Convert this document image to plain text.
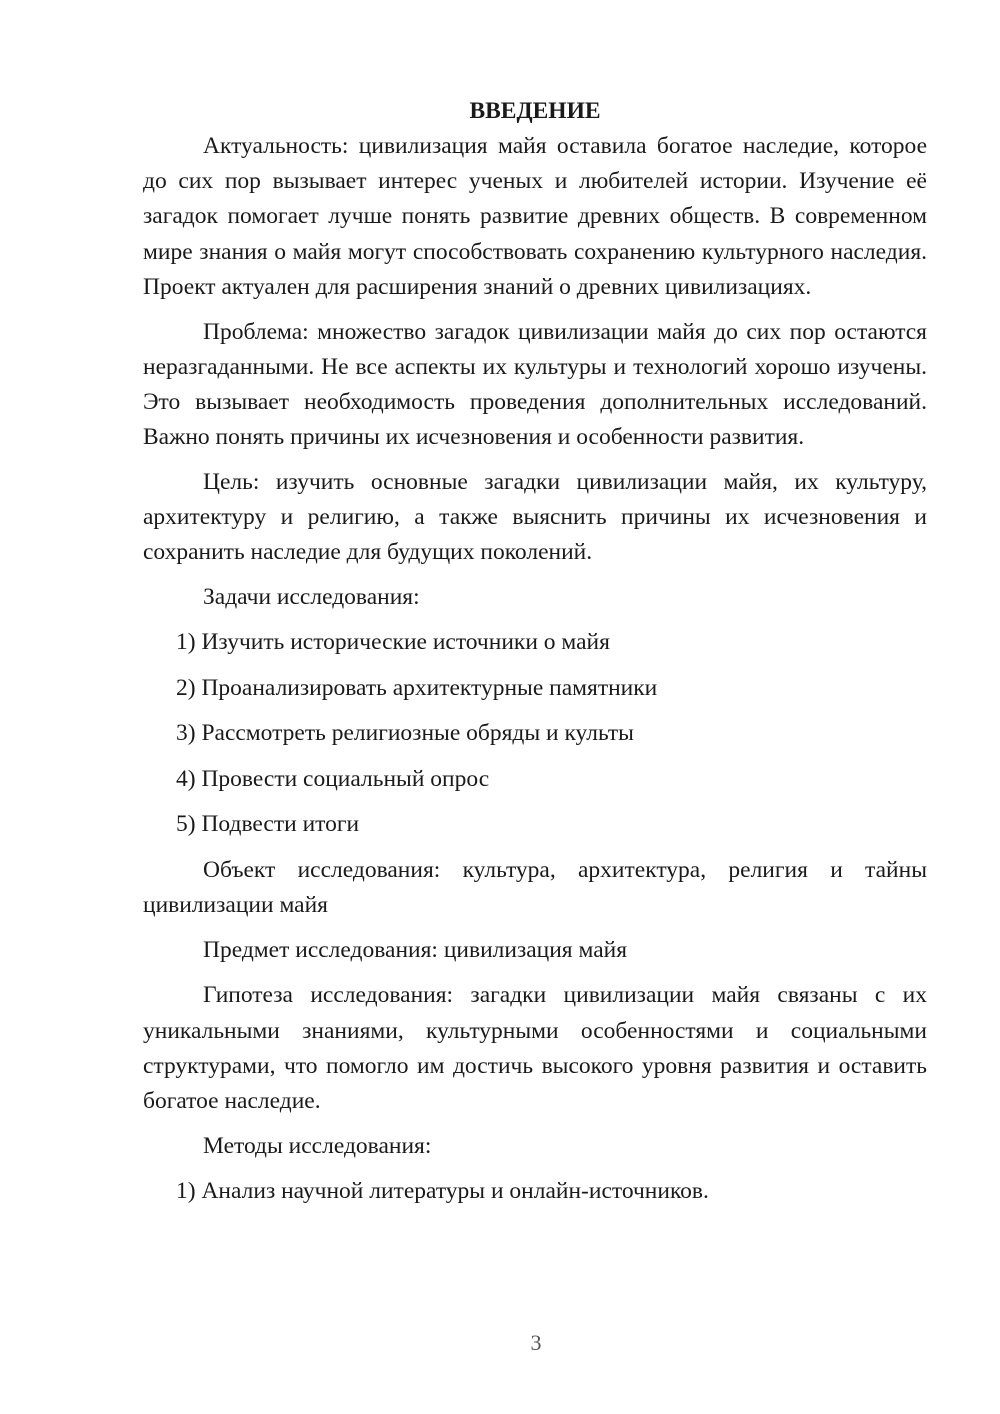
ВВЕДЕНИЕ

Актуальность: цивилизация майя оставила богатое наследие, которое до сих пор вызывает интерес ученых и любителей истории. Изучение её загадок помогает лучше понять развитие древних обществ. В современном мире знания о майя могут способствовать сохранению культурного наследия. Проект актуален для расширения знаний о древних цивилизациях.

Проблема: множество загадок цивилизации майя до сих пор остаются неразгаданными. Не все аспекты их культуры и технологий хорошо изучены. Это вызывает необходимость проведения дополнительных исследований. Важно понять причины их исчезновения и особенности развития.

Цель: изучить основные загадки цивилизации майя, их культуру, архитектуру и религию, а также выяснить причины их исчезновения и сохранить наследие для будущих поколений.

Задачи исследования:

1) Изучить исторические источники о майя

2) Проанализировать архитектурные памятники

3) Рассмотреть религиозные обряды и культы

4) Провести социальный опрос

5) Подвести итоги

Объект исследования: культура, архитектура, религия и тайны цивилизации майя

Предмет исследования: цивилизация майя

Гипотеза исследования: загадки цивилизации майя связаны с их уникальными знаниями, культурными особенностями и социальными структурами, что помогло им достичь высокого уровня развития и оставить богатое наследие.

Методы исследования:

1) Анализ научной литературы и онлайн-источников.

3
